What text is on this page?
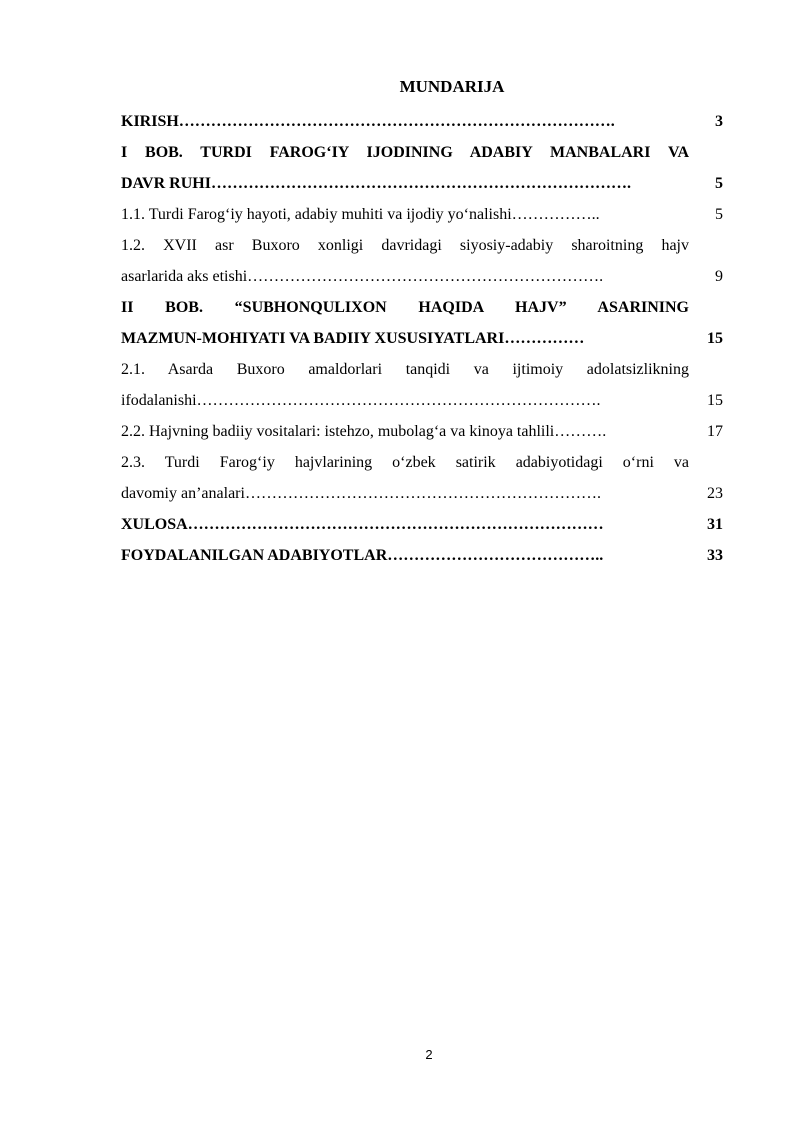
MUNDARIJA
KIRISH……………………………………………………………………….	3
I BOB. TURDI FAROG‘IY IJODINING ADABIY MANBALARI VA
DAVR RUHI…………………………………………………………………….	5
1.1. Turdi Farog‘iy hayoti, adabiy muhiti va ijodiy yo‘nalishi……………..	5
1.2. XVII asr Buxoro xonligi davridagi siyosiy-adabiy sharoitning hajv
asarlarida aks etishi………………………………………………………….	9
II BOB. “SUBHONQULIXON HAQIDA HAJV” ASARINING
MAZMUN-MOHIYATI VA BADIIY XUSUSIYATLARI……………	15
2.1. Asarda Buxoro amaldorlari tanqidi va ijtimoiy adolatsizlikning
ifodalanishi………………………………………………………………….	15
2.2. Hajvning badiiy vositalari: istehzo, mubolag‘a va kinoya tahlili……….	17
2.3. Turdi Farog‘iy hajvlarining o‘zbek satirik adabiyotidagi o‘rni va
davomiy an’analari………………………………………………………….	23
XULOSA……………………………………………………………………	31
FOYDALANILGAN ADABIYOTLAR…………………………………..	33
2
